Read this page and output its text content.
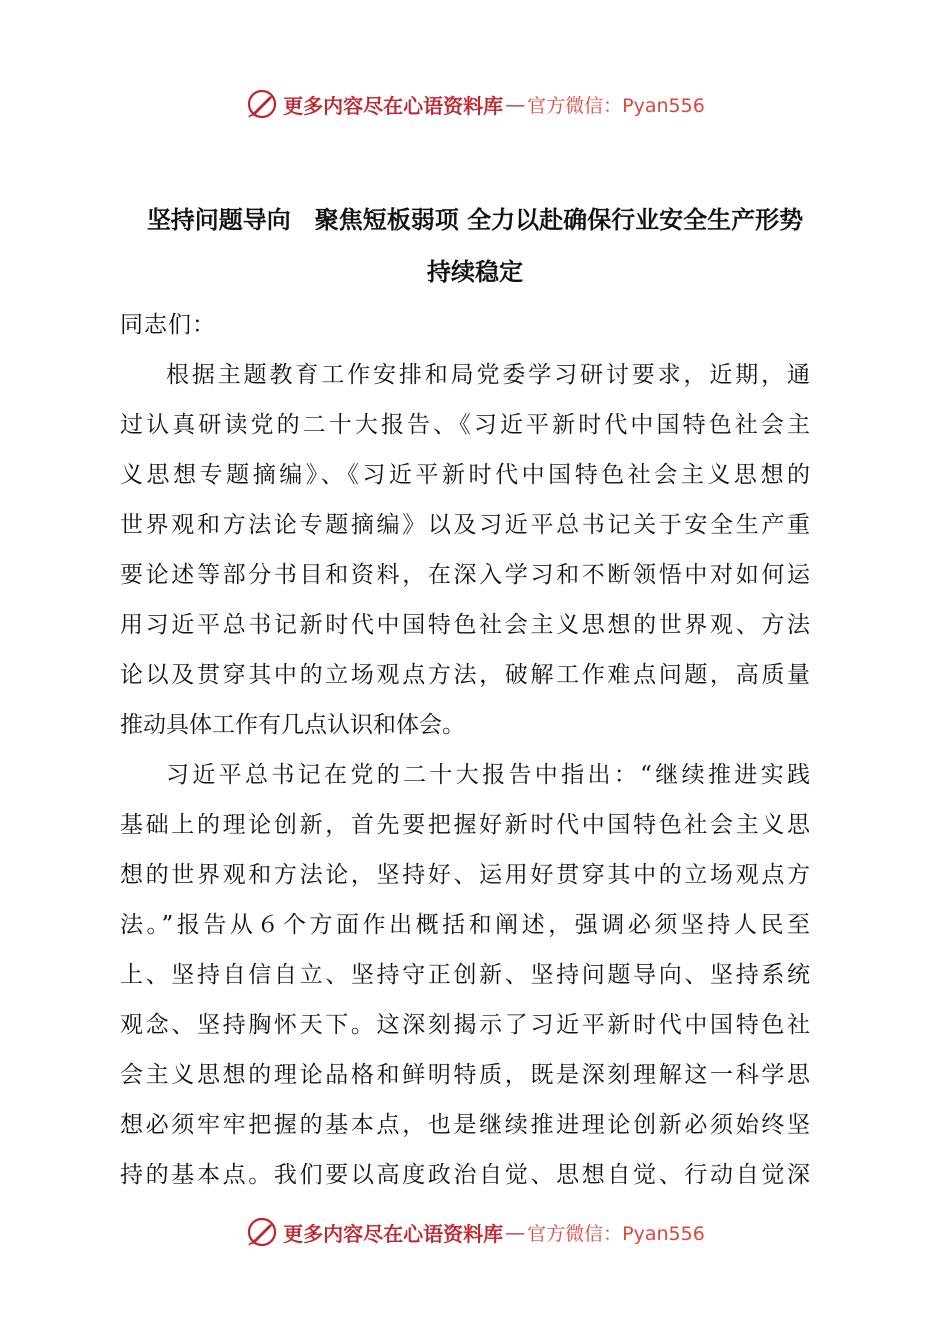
更多内容尽在心语资料库 — 官方微信：Pyan556
坚持问题导向　聚焦短板弱项 全力以赴确保行业安全生产形势
持续稳定
同志们：
根据主题教育工作安排和局党委学习研讨要求，近期，通
过认真研读党的二十大报告、《习近平新时代中国特色社会主
义思想专题摘编》、《习近平新时代中国特色社会主义思想的
世界观和方法论专题摘编》以及习近平总书记关于安全生产重
要论述等部分书目和资料，在深入学习和不断领悟中对如何运
用习近平总书记新时代中国特色社会主义思想的世界观、方法
论以及贯穿其中的立场观点方法，破解工作难点问题，高质量
推动具体工作有几点认识和体会。
习近平总书记在党的二十大报告中指出：“继续推进实践
基础上的理论创新，首先要把握好新时代中国特色社会主义思
想的世界观和方法论，坚持好、运用好贯穿其中的立场观点方
法。”报告从６个方面作出概括和阐述，强调必须坚持人民至
上、坚持自信自立、坚持守正创新、坚持问题导向、坚持系统
观念、坚持胸怀天下。这深刻揭示了习近平新时代中国特色社
会主义思想的理论品格和鲜明特质，既是深刻理解这一科学思
想必须牢牢把握的基本点，也是继续推进理论创新必须始终坚
持的基本点。我们要以高度政治自觉、思想自觉、行动自觉深
更多内容尽在心语资料库 — 官方微信：Pyan556
